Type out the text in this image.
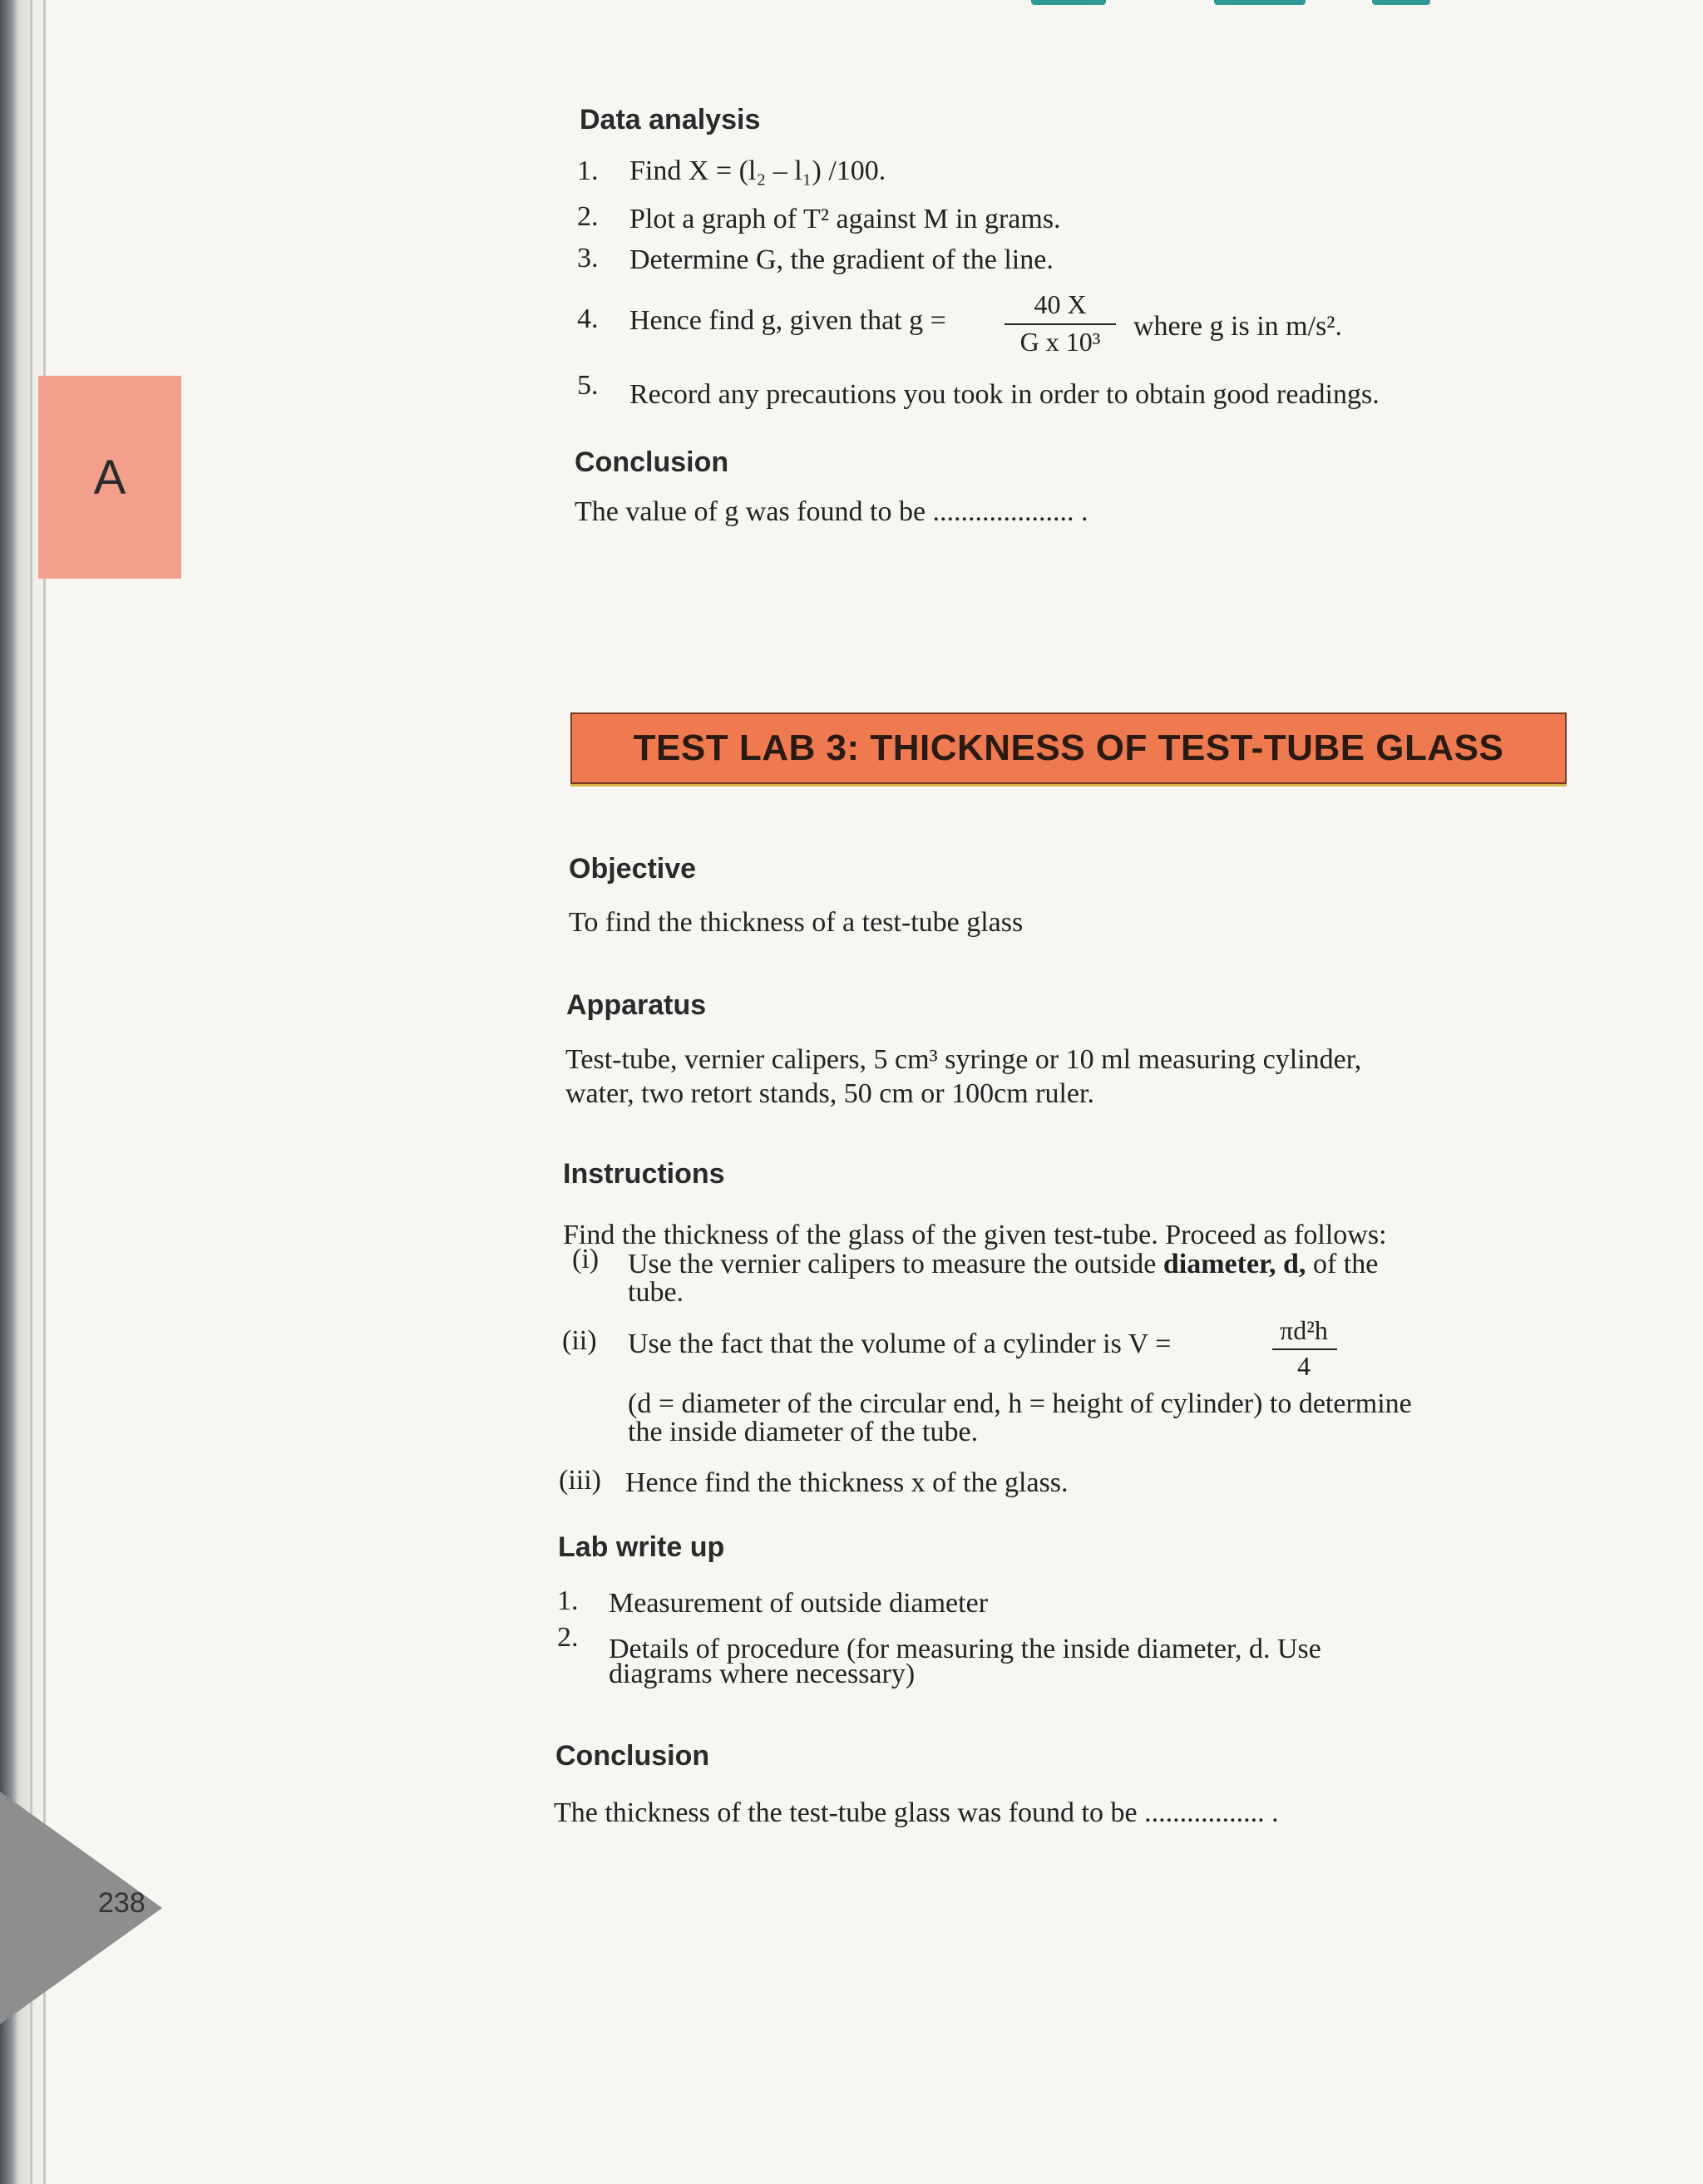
A
Data analysis
1. Find X = (l₂ – l₁) /100.
2. Plot a graph of T² against M in grams.
3. Determine G, the gradient of the line.
4. Hence find g, given that g =
40 X
G x 10³	where g is in m/s².
5. Record any precautions you took in order to obtain good readings.
Conclusion
The value of g was found to be .................... .
TEST LAB 3: THICKNESS OF TEST-TUBE GLASS
Objective
To find the thickness of a test-tube glass
Apparatus
Test-tube, vernier calipers, 5 cm³ syringe or 10 ml measuring cylinder,
water, two retort stands, 50 cm or 100cm ruler.
Instructions
Find the thickness of the glass of the given test-tube. Proceed as follows:
(i) Use the vernier calipers to measure the outside diameter, d, of the
tube.
(ii) Use the fact that the volume of a cylinder is V =	πd²h
4
(d = diameter of the circular end, h = height of cylinder) to determine
the inside diameter of the tube.
(iii) Hence find the thickness x of the glass.
Lab write up
1. Measurement of outside diameter
2. Details of procedure (for measuring the inside diameter, d. Use
diagrams where necessary)
Conclusion
The thickness of the test-tube glass was found to be ................. .
238
